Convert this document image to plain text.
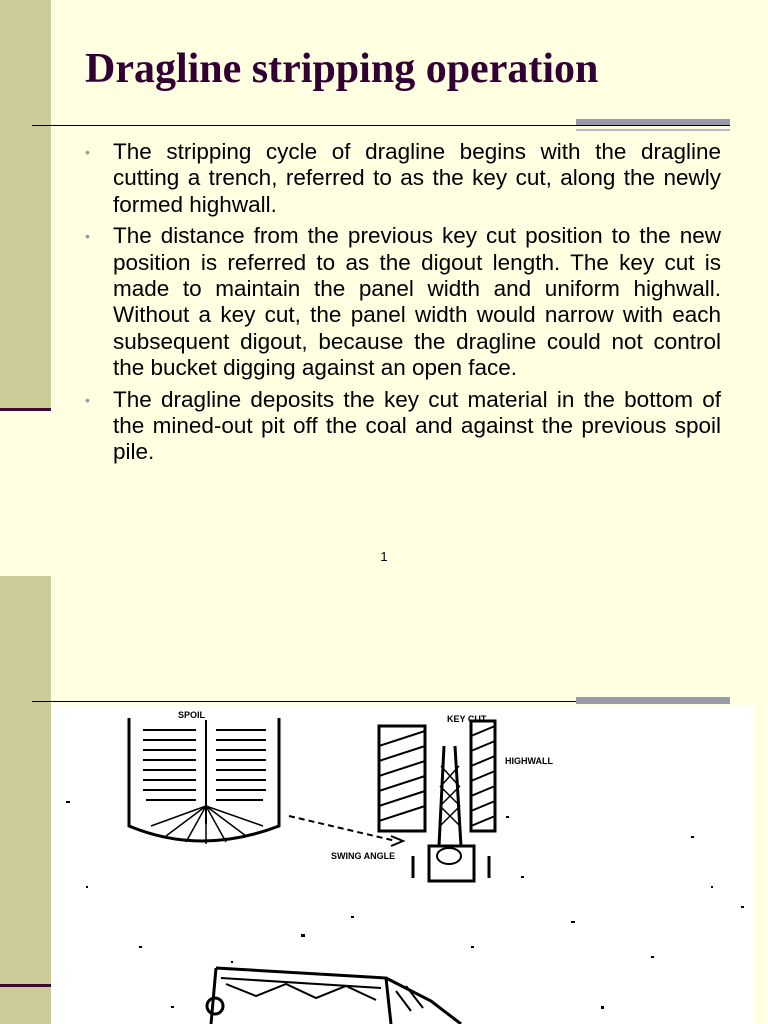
Dragline stripping operation
• The stripping cycle of dragline begins with the dragline cutting a trench, referred to as the key cut, along the newly formed highwall.
• The distance from the previous key cut position to the new position is referred to as the digout length. The key cut is made to maintain the panel width and uniform highwall. Without a key cut, the panel width would narrow with each subsequent digout, because the dragline could not control the bucket digging against an open face.
• The dragline deposits the key cut material in the bottom of the mined-out pit off the coal and against the previous spoil pile.
1
SPOIL	KEY CUT
HIGHWALL
SWING ANGLE
